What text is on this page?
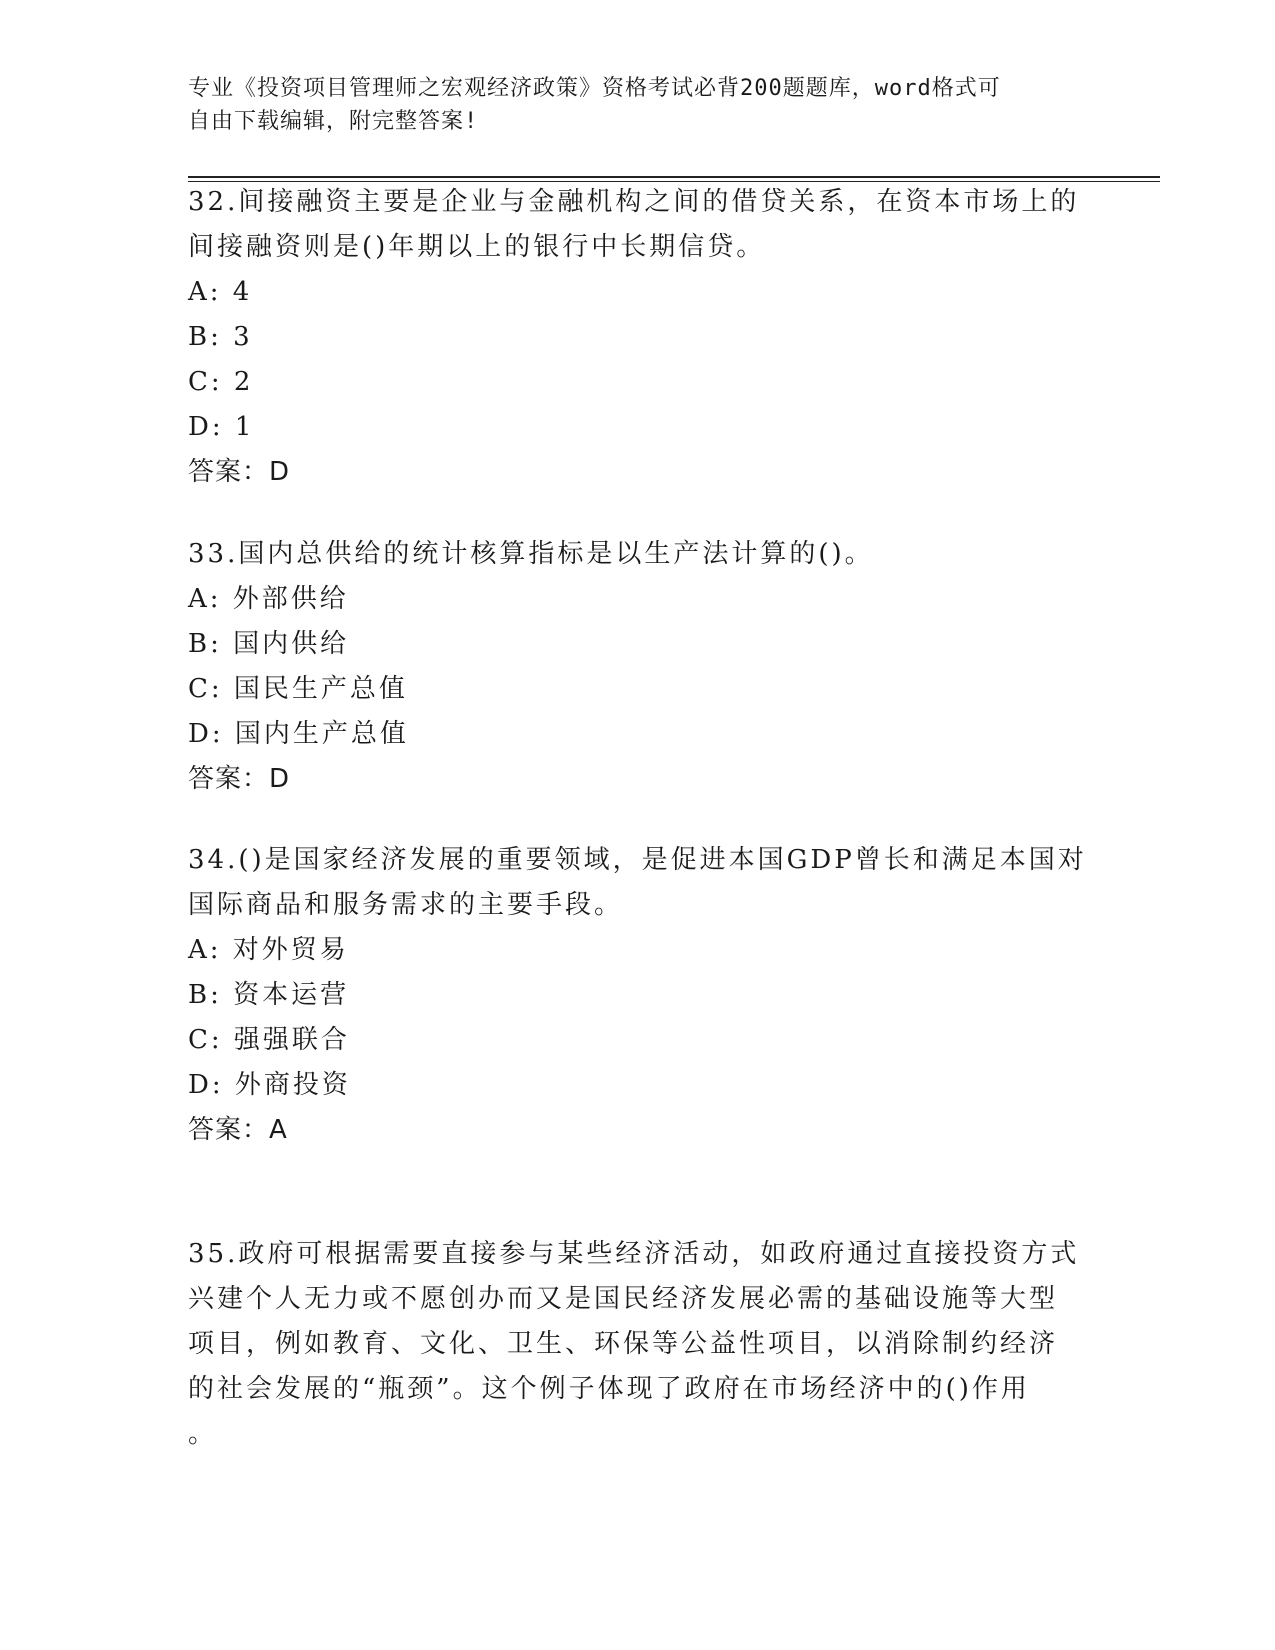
专业《投资项目管理师之宏观经济政策》资格考试必背200题题库，word格式可
自由下载编辑，附完整答案!

32.间接融资主要是企业与金融机构之间的借贷关系，在资本市场上的

间接融资则是()年期以上的银行中长期信贷。

A: 4

B: 3

C: 2

D: 1

答案：D

33.国内总供给的统计核算指标是以生产法计算的()。

A: 外部供给

B: 国内供给

C: 国民生产总值

D: 国内生产总值

答案：D

34.()是国家经济发展的重要领域，是促进本国GDP曾长和满足本国对

国际商品和服务需求的主要手段。

A: 对外贸易

B: 资本运营

C: 强强联合

D: 外商投资

答案：A

35.政府可根据需要直接参与某些经济活动，如政府通过直接投资方式

兴建个人无力或不愿创办而又是国民经济发展必需的基础设施等大型

项目，例如教育、文化、卫生、环保等公益性项目，以消除制约经济

的社会发展的“瓶颈”。这个例子体现了政府在市场经济中的()作用

。
